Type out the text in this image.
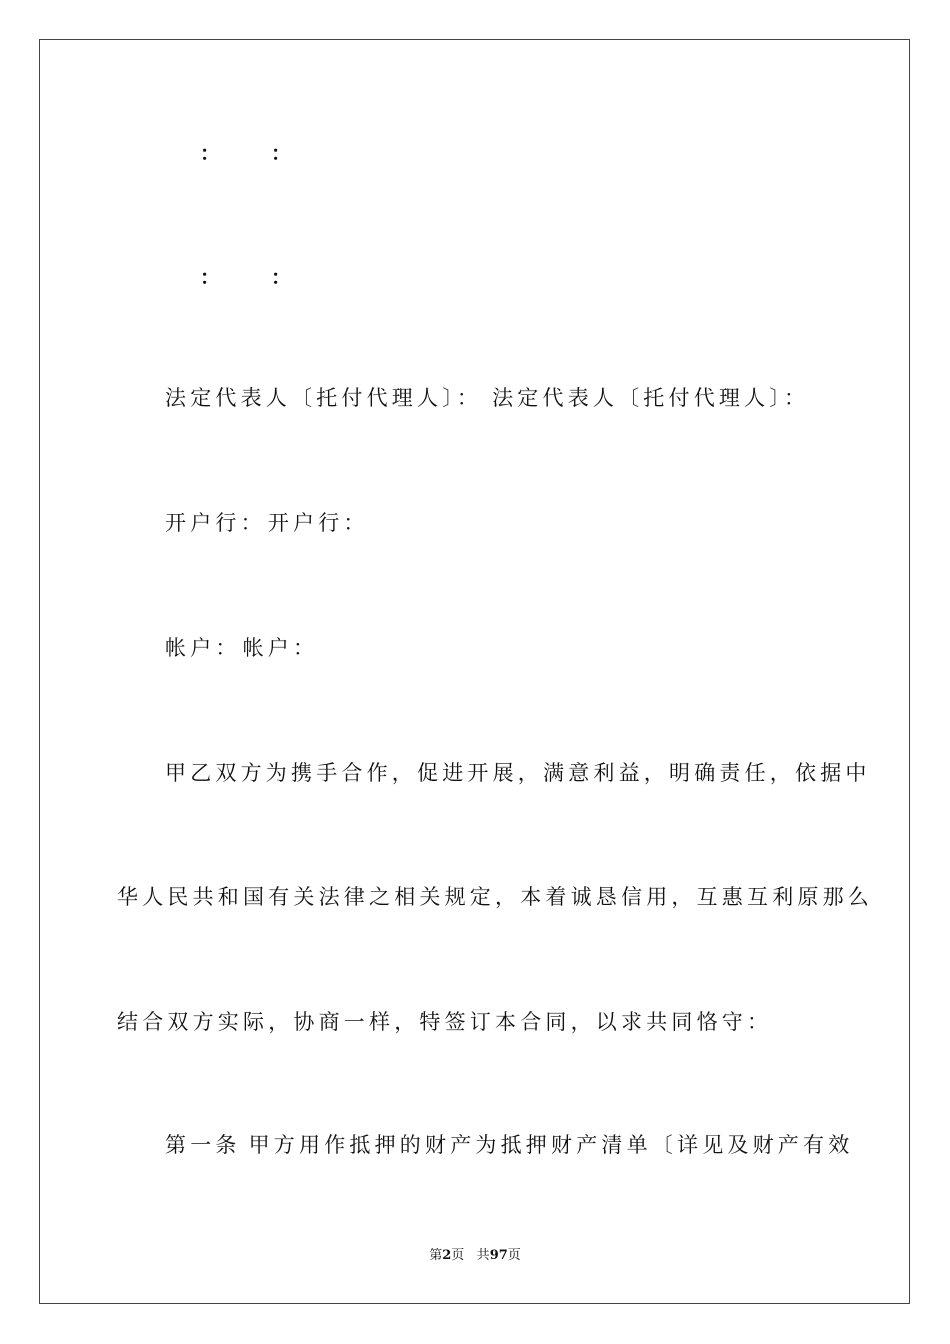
：	：
：	：
法定代表人〔托付代理人〕： 法定代表人〔托付代理人〕：
开户行：开户行：
帐户：帐户：
甲乙双方为携手合作，促进开展，满意利益，明确责任，依据中
华人民共和国有关法律之相关规定，本着诚恳信用，互惠互利原那么
结合双方实际，协商一样，特签订本合同，以求共同恪守：
第一条 甲方用作抵押的财产为抵押财产清单〔详见及财产有效
第2页 共97页
